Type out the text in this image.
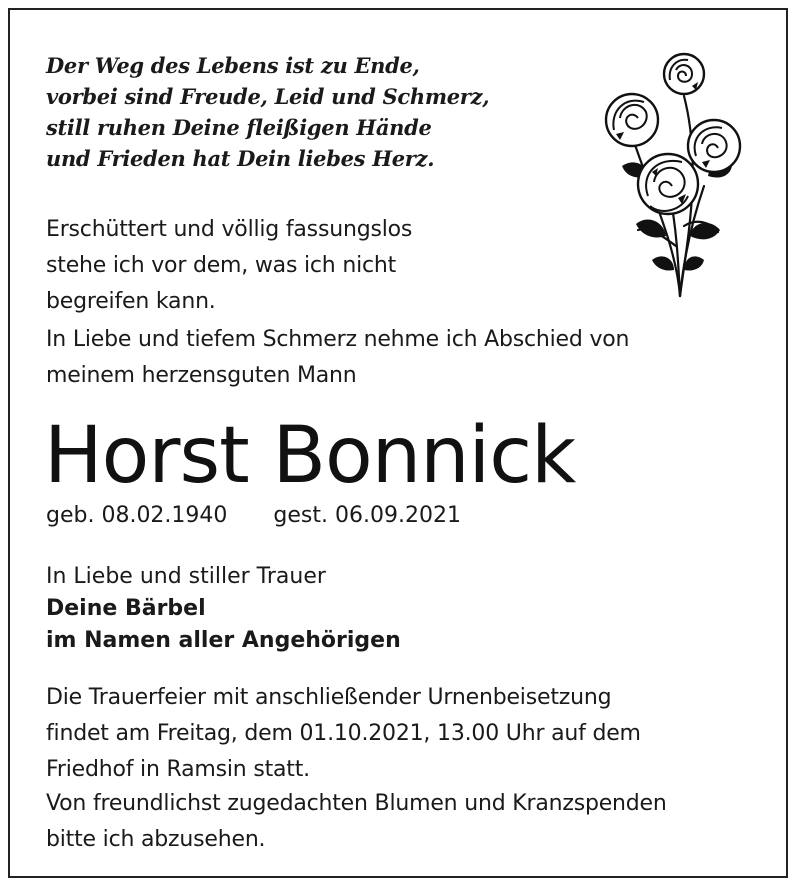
Der Weg des Lebens ist zu Ende,
vorbei sind Freude, Leid und Schmerz,
still ruhen Deine fleißigen Hände
und Frieden hat Dein liebes Herz.
Erschüttert und völlig fassungslos
stehe ich vor dem, was ich nicht
begreifen kann.
In Liebe und tiefem Schmerz nehme ich Abschied von
meinem herzensguten Mann
Horst Bonnick
geb. 08.02.1940 gest. 06.09.2021
In Liebe und stiller Trauer
Deine Bärbel
im Namen aller Angehörigen
Die Trauerfeier mit anschließender Urnenbeisetzung
findet am Freitag, dem 01.10.2021, 13.00 Uhr auf dem
Friedhof in Ramsin statt.
Von freundlichst zugedachten Blumen und Kranzspenden
bitte ich abzusehen.
